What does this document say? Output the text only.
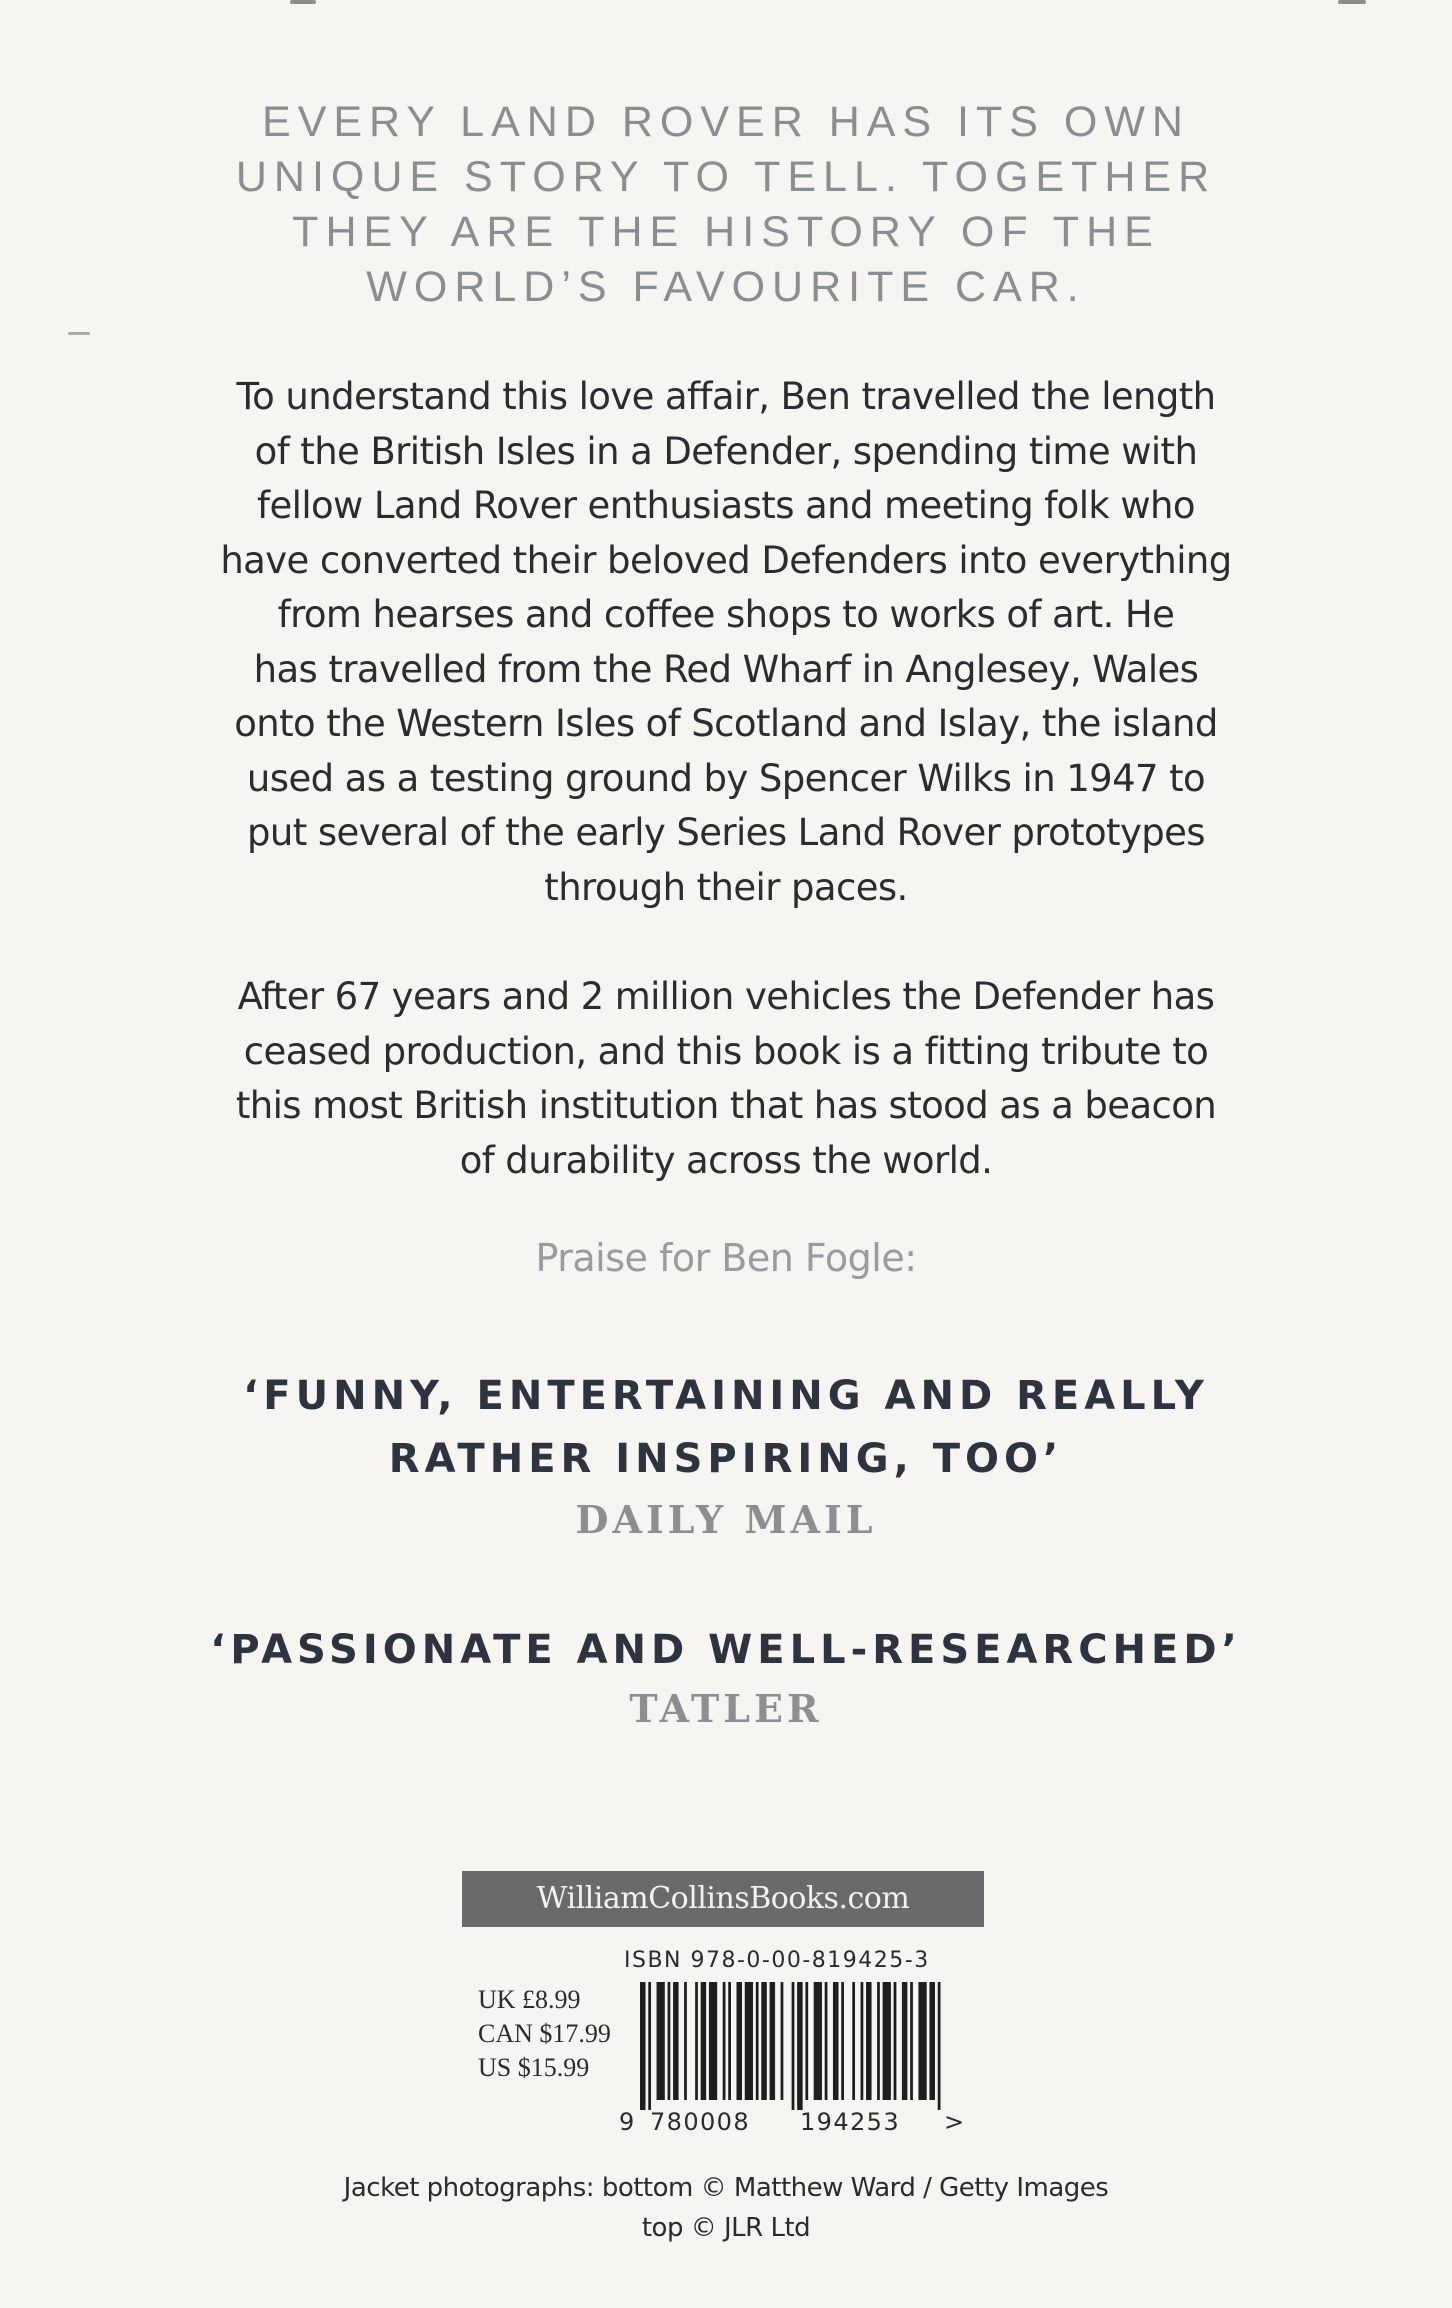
EVERY LAND ROVER HAS ITS OWN
UNIQUE STORY TO TELL. TOGETHER
THEY ARE THE HISTORY OF THE
WORLD’S FAVOURITE CAR.
To understand this love affair, Ben travelled the length
of the British Isles in a Defender, spending time with
fellow Land Rover enthusiasts and meeting folk who
have converted their beloved Defenders into everything
from hearses and coffee shops to works of art. He
has travelled from the Red Wharf in Anglesey, Wales
onto the Western Isles of Scotland and Islay, the island
used as a testing ground by Spencer Wilks in 1947 to
put several of the early Series Land Rover prototypes
through their paces.
After 67 years and 2 million vehicles the Defender has
ceased production, and this book is a fitting tribute to
this most British institution that has stood as a beacon
of durability across the world.
Praise for Ben Fogle:
‘FUNNY, ENTERTAINING AND REALLY
RATHER INSPIRING, TOO’
DAILY MAIL
‘PASSIONATE AND WELL-RESEARCHED’
TATLER
WilliamCollinsBooks.com
ISBN 978-0-00-819425-3
UK £8.99
CAN $17.99
US $15.99
9 780008 194253 >
Jacket photographs: bottom © Matthew Ward / Getty Images
top © JLR Ltd
